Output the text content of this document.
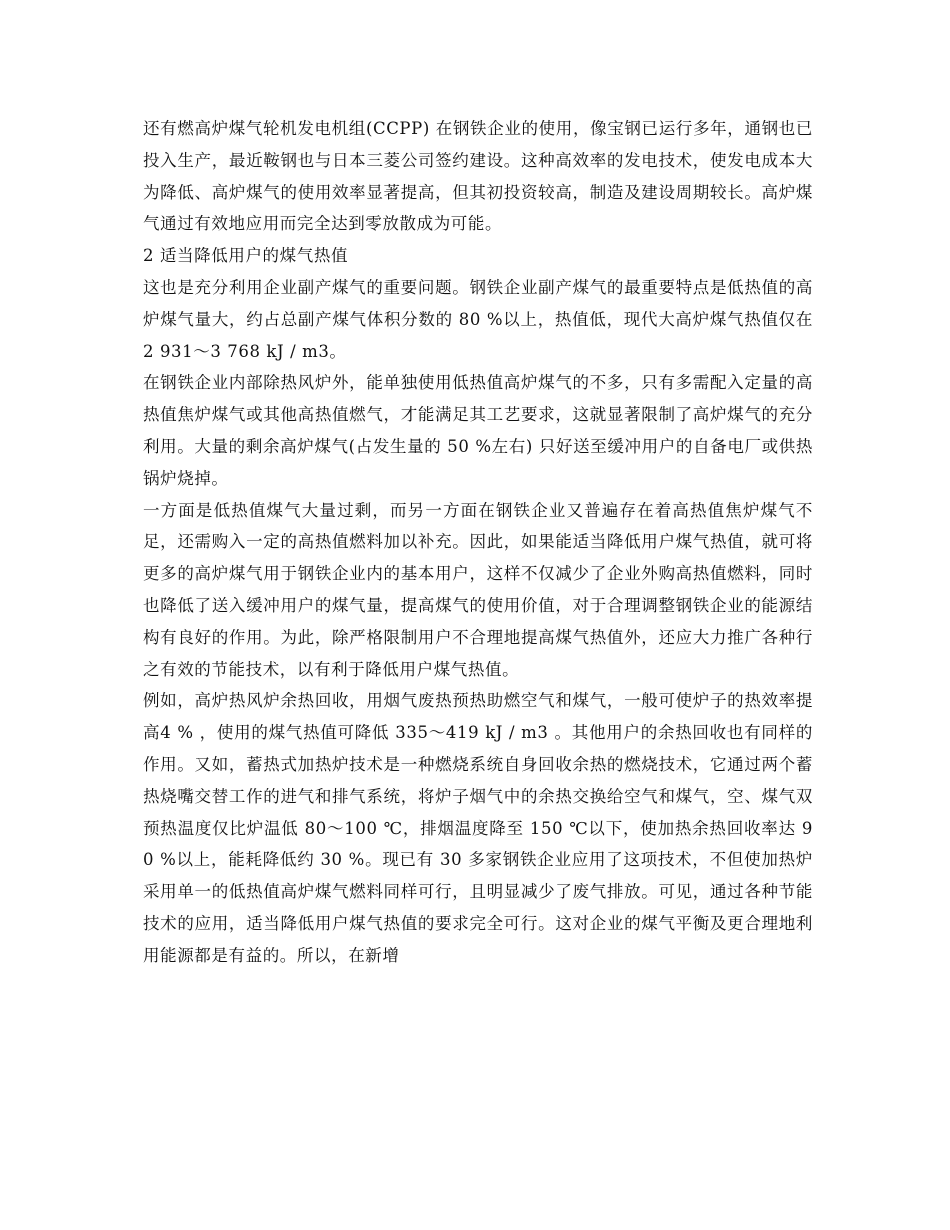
还有燃高炉煤气轮机发电机组(CCPP) 在钢铁企业的使用，像宝钢已运行多年，通钢也已投入生产，最近鞍钢也与日本三菱公司签约建设。这种高效率的发电技术，使发电成本大为降低、高炉煤气的使用效率显著提高，但其初投资较高，制造及建设周期较长。高炉煤气通过有效地应用而完全达到零放散成为可能。

2 适当降低用户的煤气热值

这也是充分利用企业副产煤气的重要问题。钢铁企业副产煤气的最重要特点是低热值的高炉煤气量大，约占总副产煤气体积分数的 80 %以上，热值低，现代大高炉煤气热值仅在2 931～3 768 kJ / m3。

在钢铁企业内部除热风炉外，能单独使用低热值高炉煤气的不多，只有多需配入定量的高热值焦炉煤气或其他高热值燃气，才能满足其工艺要求，这就显著限制了高炉煤气的充分利用。大量的剩余高炉煤气(占发生量的 50 %左右) 只好送至缓冲用户的自备电厂或供热锅炉烧掉。

一方面是低热值煤气大量过剩，而另一方面在钢铁企业又普遍存在着高热值焦炉煤气不足，还需购入一定的高热值燃料加以补充。因此，如果能适当降低用户煤气热值，就可将更多的高炉煤气用于钢铁企业内的基本用户，这样不仅减少了企业外购高热值燃料，同时也降低了送入缓冲用户的煤气量，提高煤气的使用价值，对于合理调整钢铁企业的能源结构有良好的作用。为此，除严格限制用户不合理地提高煤气热值外，还应大力推广各种行之有效的节能技术，以有利于降低用户煤气热值。

例如，高炉热风炉余热回收，用烟气废热预热助燃空气和煤气，一般可使炉子的热效率提高4 % ，使用的煤气热值可降低 335～419 kJ / m3 。其他用户的余热回收也有同样的作用。又如，蓄热式加热炉技术是一种燃烧系统自身回收余热的燃烧技术，它通过两个蓄热烧嘴交替工作的进气和排气系统，将炉子烟气中的余热交换给空气和煤气，空、煤气双预热温度仅比炉温低 80～100 ℃，排烟温度降至 150 ℃以下，使加热余热回收率达 90 %以上，能耗降低约 30 %。现已有 30 多家钢铁企业应用了这项技术，不但使加热炉采用单一的低热值高炉煤气燃料同样可行，且明显减少了废气排放。可见，通过各种节能技术的应用，适当降低用户煤气热值的要求完全可行。这对企业的煤气平衡及更合理地利用能源都是有益的。所以，在新增
